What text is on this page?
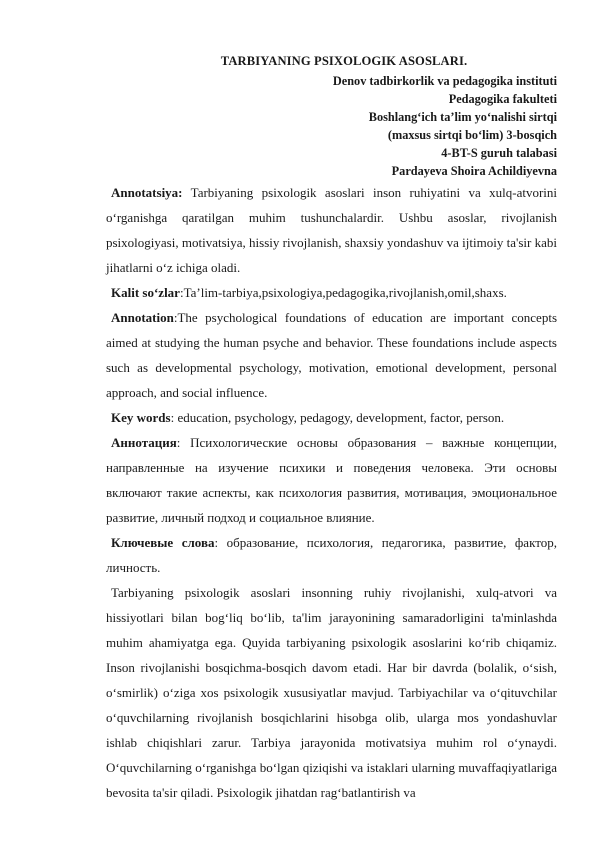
TARBIYANING PSIXOLOGIK ASOSLARI.
Denov tadbirkorlik va pedagogika instituti
Pedagogika fakulteti
Boshlang‘ich ta’lim yo‘nalishi sirtqi
(maxsus sirtqi bo‘lim) 3-bosqich
4-BT-S guruh talabasi
Pardayeva Shoira Achildiyevna

Annotatsiya: Tarbiyaning psixologik asoslari inson ruhiyatini va xulq-atvorini o‘rganishga qaratilgan muhim tushunchalardir. Ushbu asoslar, rivojlanish psixologiyasi, motivatsiya, hissiy rivojlanish, shaxsiy yondashuv va ijtimoiy ta'sir kabi jihatlarni o‘z ichiga oladi.

Kalit so‘zlar:Ta’lim-tarbiya,psixologiya,pedagogika,rivojlanish,omil,shaxs.

Annotation:The psychological foundations of education are important concepts aimed at studying the human psyche and behavior. These foundations include aspects such as developmental psychology, motivation, emotional development, personal approach, and social influence.

Key words: education, psychology, pedagogy, development, factor, person.

Аннотация: Психологические основы образования – важные концепции, направленные на изучение психики и поведения человека. Эти основы включают такие аспекты, как психология развития, мотивация, эмоциональное развитие, личный подход и социальное влияние.

Ключевые слова: образование, психология, педагогика, развитие, фактор, личность.

Tarbiyaning psixologik asoslari insonning ruhiy rivojlanishi, xulq-atvori va hissiyotlari bilan bog‘liq bo‘lib, ta'lim jarayonining samaradorligini ta'minlashda muhim ahamiyatga ega. Quyida tarbiyaning psixologik asoslarini ko‘rib chiqamiz. Inson rivojlanishi bosqichma-bosqich davom etadi. Har bir davrda (bolalik, o‘sish, o‘smirlik) o‘ziga xos psixologik xususiyatlar mavjud. Tarbiyachilar va o‘qituvchilar o‘quvchilarning rivojlanish bosqichlarini hisobga olib, ularga mos yondashuvlar ishlab chiqishlari zarur. Tarbiya jarayonida motivatsiya muhim rol o‘ynaydi. O‘quvchilarning o‘rganishga bo‘lgan qiziqishi va istaklari ularning muvaffaqiyatlariga bevosita ta'sir qiladi. Psixologik jihatdan rag‘batlantirish va
